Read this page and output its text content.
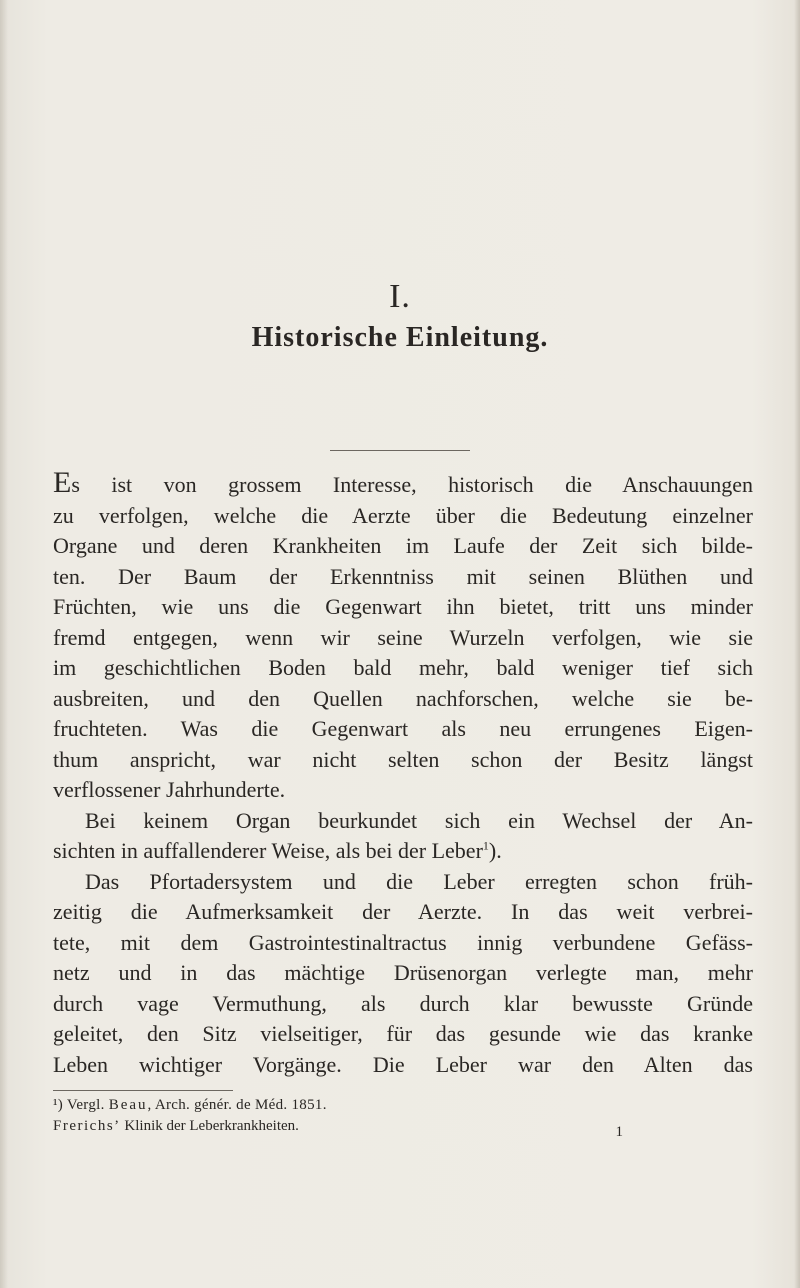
I.
Historische Einleitung.
Es ist von grossem Interesse, historisch die Anschauungen
zu verfolgen, welche die Aerzte über die Bedeutung einzelner
Organe und deren Krankheiten im Laufe der Zeit sich bilde-
ten. Der Baum der Erkenntniss mit seinen Blüthen und
Früchten, wie uns die Gegenwart ihn bietet, tritt uns minder
fremd entgegen, wenn wir seine Wurzeln verfolgen, wie sie
im geschichtlichen Boden bald mehr, bald weniger tief sich
ausbreiten, und den Quellen nachforschen, welche sie be-
fruchteten. Was die Gegenwart als neu errungenes Eigen-
thum anspricht, war nicht selten schon der Besitz längst
verflossener Jahrhunderte.
Bei keinem Organ beurkundet sich ein Wechsel der An-
sichten in auffallenderer Weise, als bei der Leber$^1$).
Das Pfortadersystem und die Leber erregten schon früh-
zeitig die Aufmerksamkeit der Aerzte. In das weit verbrei-
tete, mit dem Gastrointestinaltractus innig verbundene Gefäss-
netz und in das mächtige Drüsenorgan verlegte man, mehr
durch vage Vermuthung, als durch klar bewusste Gründe
geleitet, den Sitz vielseitiger, für das gesunde wie das kranke
Leben wichtiger Vorgänge. Die Leber war den Alten das
¹) Vergl. Beau, Arch. génér. de Méd. 1851.
Frerichs’ Klinik der Leberkrankheiten.	1
